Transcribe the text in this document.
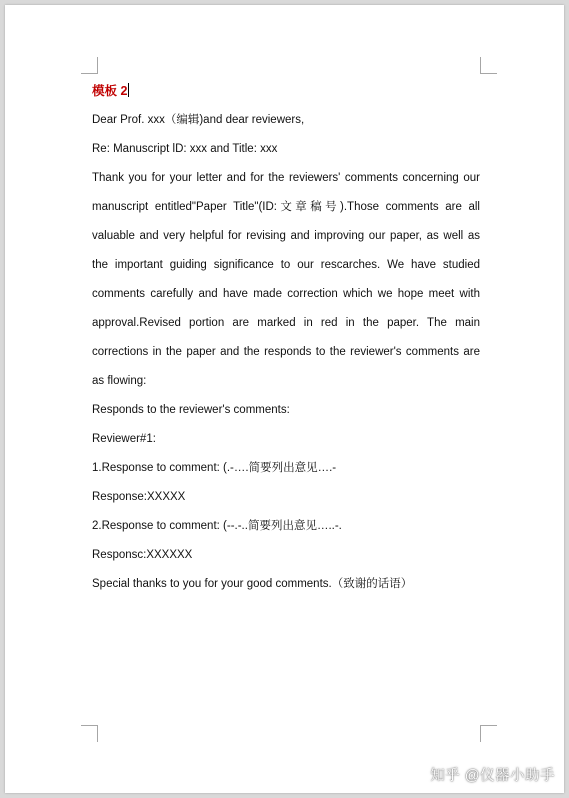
模板 2

Dear Prof. xxx（编辑)and dear reviewers,

Re: Manuscript lD: xxx and Title: xxx

Thank you for your letter and for the reviewers' comments concerning our manuscript entitled"Paper Title"(ID:文章稿号).Those comments are all valuable and very helpful for revising and improving our paper, as well as the important guiding significance to our rescarches. We have studied comments carefully and have made correction which we hope meet with approval.Revised portion are marked in red in the paper. The main corrections in the paper and the responds to the reviewer's comments are as flowing:

Responds to the reviewer's comments:

Reviewer#1:

1.Response to comment: (.-….简要列出意见….-

Response:XXXXX

2.Response to comment: (--.-..简要列出意见…..-.

Responsc:XXXXXX

Special thanks to you for your good comments.（致谢的话语）

知乎 @仪器小助手
